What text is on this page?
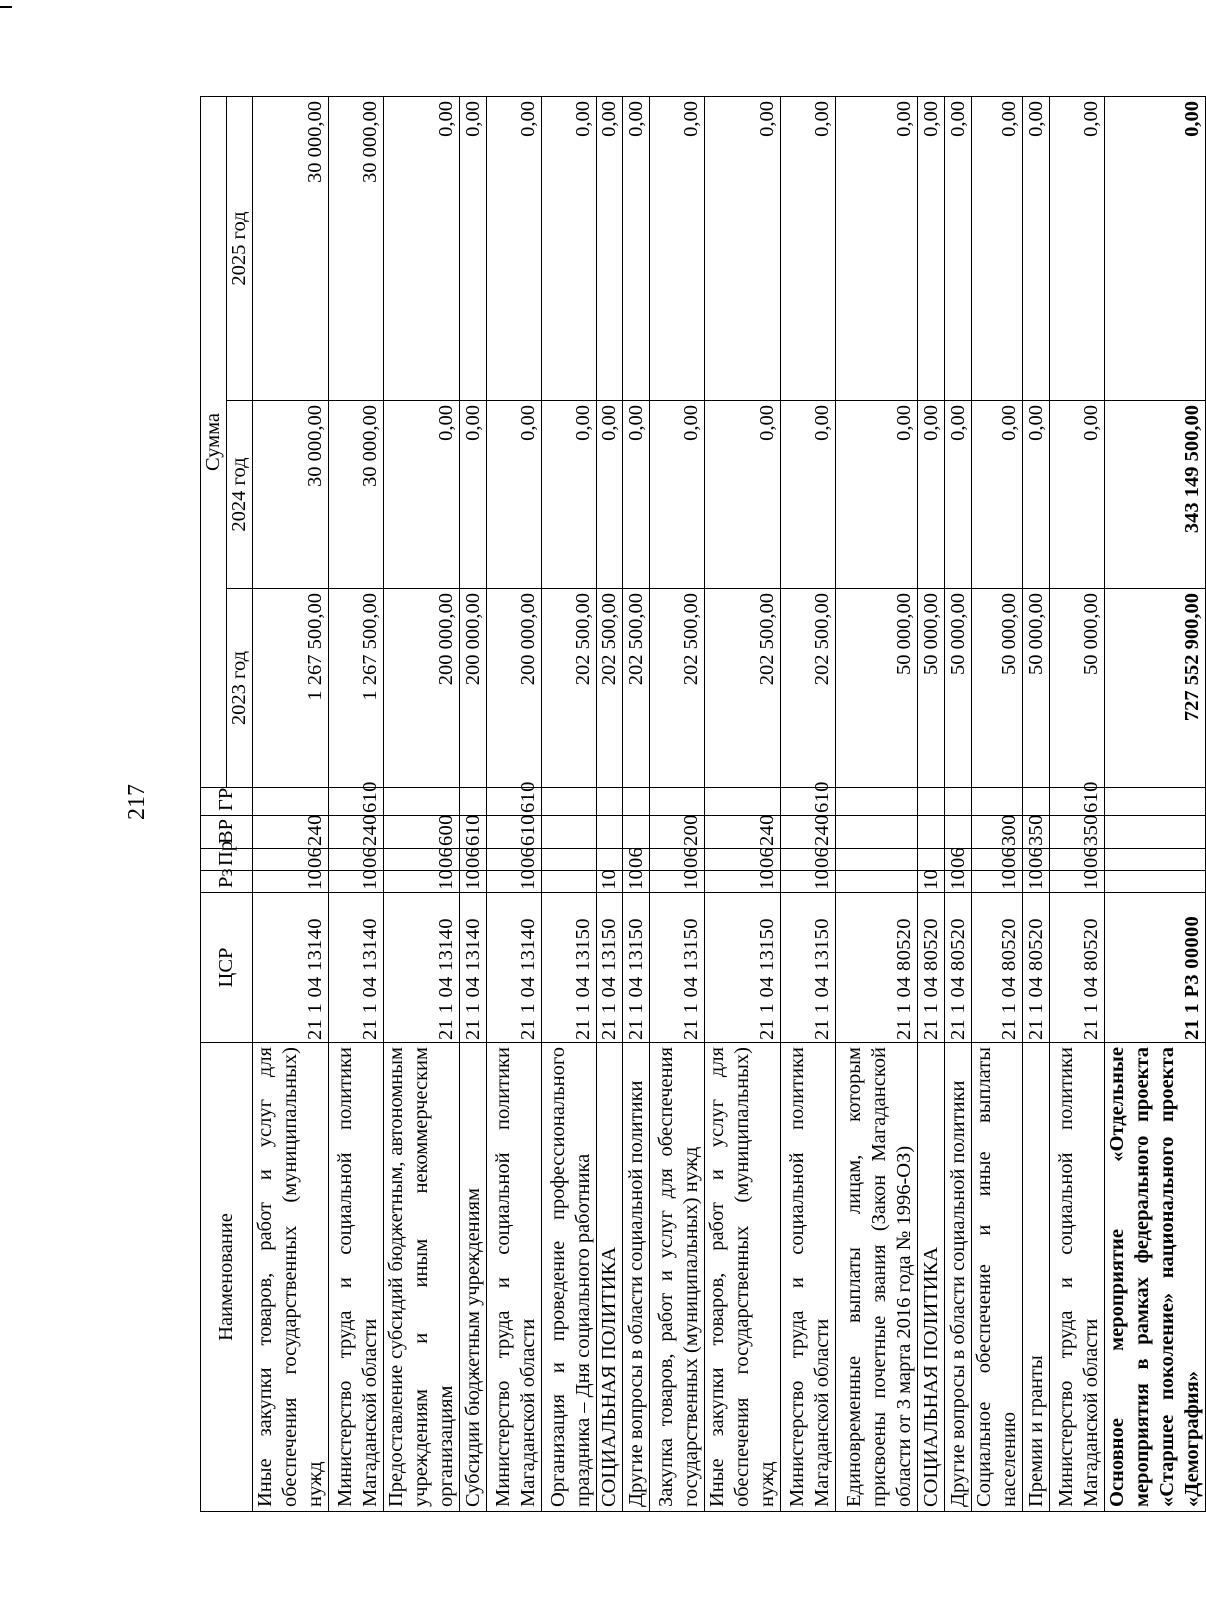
217
Наименование	ЦСР	Рз	Пр	ВР	ГР	Сумма		
						2023 год	2024 год	2025 год
Иные закупки товаров, работ и услуг для обеспечения государственных (муниципальных) нужд	21 1 04 13140	10	06	240		1 267 500,00	30 000,00	30 000,00
Министерство труда и социальной политики Магаданской области	21 1 04 13140	10	06	240	610	1 267 500,00	30 000,00	30 000,00
Предоставление субсидий бюджетным, автономным учреждениям и иным некоммерческим организациям	21 1 04 13140	10	06	600		200 000,00	0,00	0,00
Субсидии бюджетным учреждениям	21 1 04 13140	10	06	610		200 000,00	0,00	0,00
Министерство труда и социальной политики Магаданской области	21 1 04 13140	10	06	610	610	200 000,00	0,00	0,00
Организация и проведение профессионального праздника – Дня социального работника	21 1 04 13150					202 500,00	0,00	0,00
СОЦИАЛЬНАЯ ПОЛИТИКА	21 1 04 13150	10				202 500,00	0,00	0,00
Другие вопросы в области социальной политики	21 1 04 13150	10	06			202 500,00	0,00	0,00
Закупка товаров, работ и услуг для обеспечения государственных (муниципальных) нужд	21 1 04 13150	10	06	200		202 500,00	0,00	0,00
Иные закупки товаров, работ и услуг для обеспечения государственных (муниципальных) нужд	21 1 04 13150	10	06	240		202 500,00	0,00	0,00
Министерство труда и социальной политики Магаданской области	21 1 04 13150	10	06	240	610	202 500,00	0,00	0,00
Единовременные выплаты лицам, которым присвоены почетные звания (Закон Магаданской области от 3 марта 2016 года № 1996-ОЗ)	21 1 04 80520					50 000,00	0,00	0,00
СОЦИАЛЬНАЯ ПОЛИТИКА	21 1 04 80520	10				50 000,00	0,00	0,00
Другие вопросы в области социальной политики	21 1 04 80520	10	06			50 000,00	0,00	0,00
Социальное обеспечение и иные выплаты населению	21 1 04 80520	10	06	300		50 000,00	0,00	0,00
Премии и гранты	21 1 04 80520	10	06	350		50 000,00	0,00	0,00
Министерство труда и социальной политики Магаданской области	21 1 04 80520	10	06	350	610	50 000,00	0,00	0,00
Основное мероприятие «Отдельные мероприятия в рамках федерального проекта «Старшее поколение» национального проекта «Демография»	21 1 P3 00000					727 552 900,00	343 149 500,00	0,00
